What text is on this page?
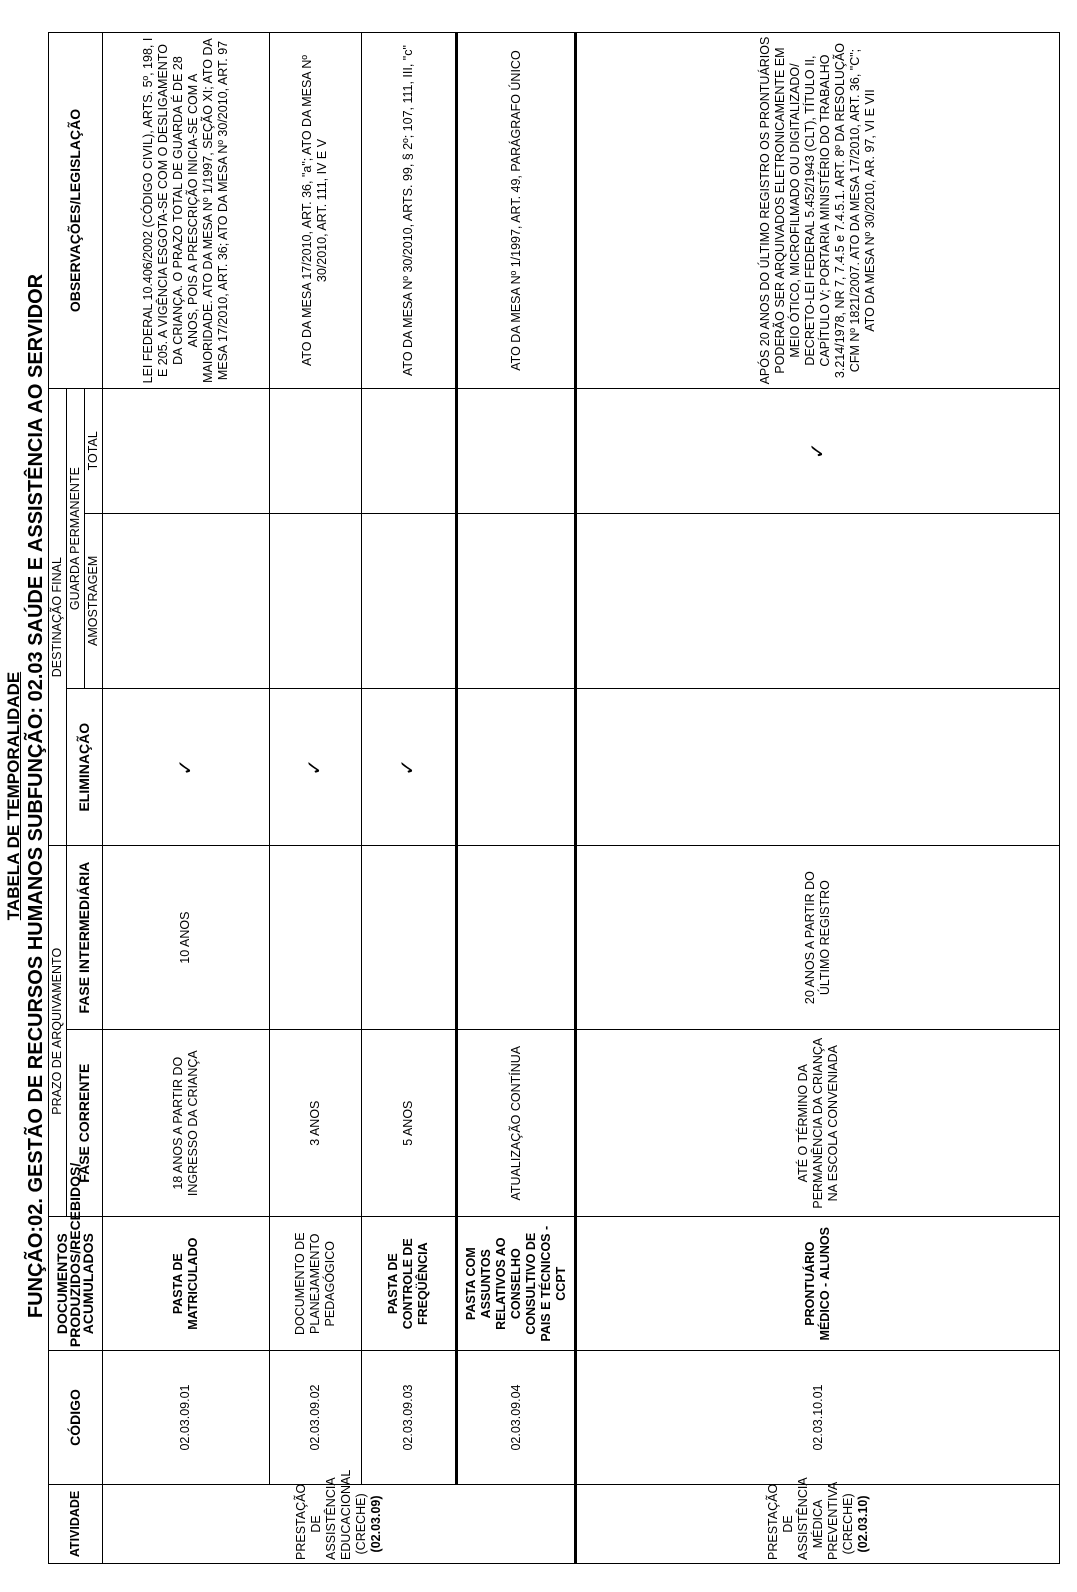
TABELA DE TEMPORALIDADE FUNÇÃO:02. GESTÃO DE RECURSOS HUMANOS SUBFUNÇÃO: 02.03 SAÚDE E ASSISTÊNCIA AO SERVIDOR
ATIVIDADE	CÓDIGO	DOCUMENTOS PRODUZIDOS/RECEBIDOS/ ACUMULADOS	PRAZO DE ARQUIVAMENTO		DESTINAÇÃO FINAL			OBSERVAÇÕES/LEGISLAÇÃO
			FASE CORRENTE	FASE INTERMEDIÁRIA	ELIMINAÇÃO	GUARDA PERMANENTE		
						AMOSTRAGEM	TOTAL	
PRESTAÇÃO DE ASSISTÊNCIA EDUCACIONAL (CRECHE) (02.03.09)	02.03.09.01	PASTA DE MATRICULADO	18 ANOS A PARTIR DO INGRESSO DA CRIANÇA	10 ANOS	✓			LEI FEDERAL 10.406/2002 (CÓDIGO CIVIL), ARTS. 5º, 198, I E 205. A VIGÊNCIA ESGOTA-SE COM O DESLIGAMENTO DA CRIANÇA. O PRAZO TOTAL DE GUARDA É DE 28 ANOS, POIS A PRESCRIÇÃO INICIA-SE COM A MAIORIDADE. ATO DA MESA Nº 1/1997, SEÇÃO XI; ATO DA MESA 17/2010, ART. 36; ATO DA MESA Nº 30/2010, ART. 97
	02.03.09.02	DOCUMENTO DE PLANEJAMENTO PEDAGÓGICO	3 ANOS		✓			ATO DA MESA 17/2010, ART. 36, "a"; ATO DA MESA Nº 30/2010, ART. 111, IV E V
	02.03.09.03	PASTA DE CONTROLE DE FREQÜÊNCIA	5 ANOS		✓			ATO DA MESA Nº 30/2010, ARTS. 99, § 2º; 107, 111, III, "c"
	02.03.09.04	PASTA COM ASSUNTOS RELATIVOS AO CONSELHO CONSULTIVO DE PAIS E TÉCNICOS - CCPT	ATUALIZAÇÃO CONTÍNUA					ATO DA MESA Nº 1/1997, ART. 49, PARÁGRAFO ÚNICO
PRESTAÇÃO DE ASSISTÊNCIA MÉDICA PREVENTIVA (CRECHE) (02.03.10)	02.03.10.01	PRONTUÁRIO MÉDICO - ALUNOS	ATÉ O TÉRMINO DA PERMANÊNCIA DA CRIANÇA NA ESCOLA CONVENIADA	20 ANOS A PARTIR DO ÚLTIMO REGISTRO			✓	APÓS 20 ANOS DO ÚLTIMO REGISTRO OS PRONTUÁRIOS PODERÃO SER ARQUIVADOS ELETRONICAMENTE EM MEIO ÓTICO, MICROFILMADO OU DIGITALIZADO/ DECRETO-LEI FEDERAL 5.452/1943 (CLT), TÍTULO II, CAPÍTULO V; PORTARIA MINISTÉRIO DO TRABALHO 3.214/1978, NR 7, 7.4.5 e 7.4.5.1. ART. 8º DA RESOLUÇÃO CFM Nº 1821/2007. ATO DA MESA 17/2010, ART. 36, "C"; ATO DA MESA Nº 30/2010, AR. 97, VI E VII
